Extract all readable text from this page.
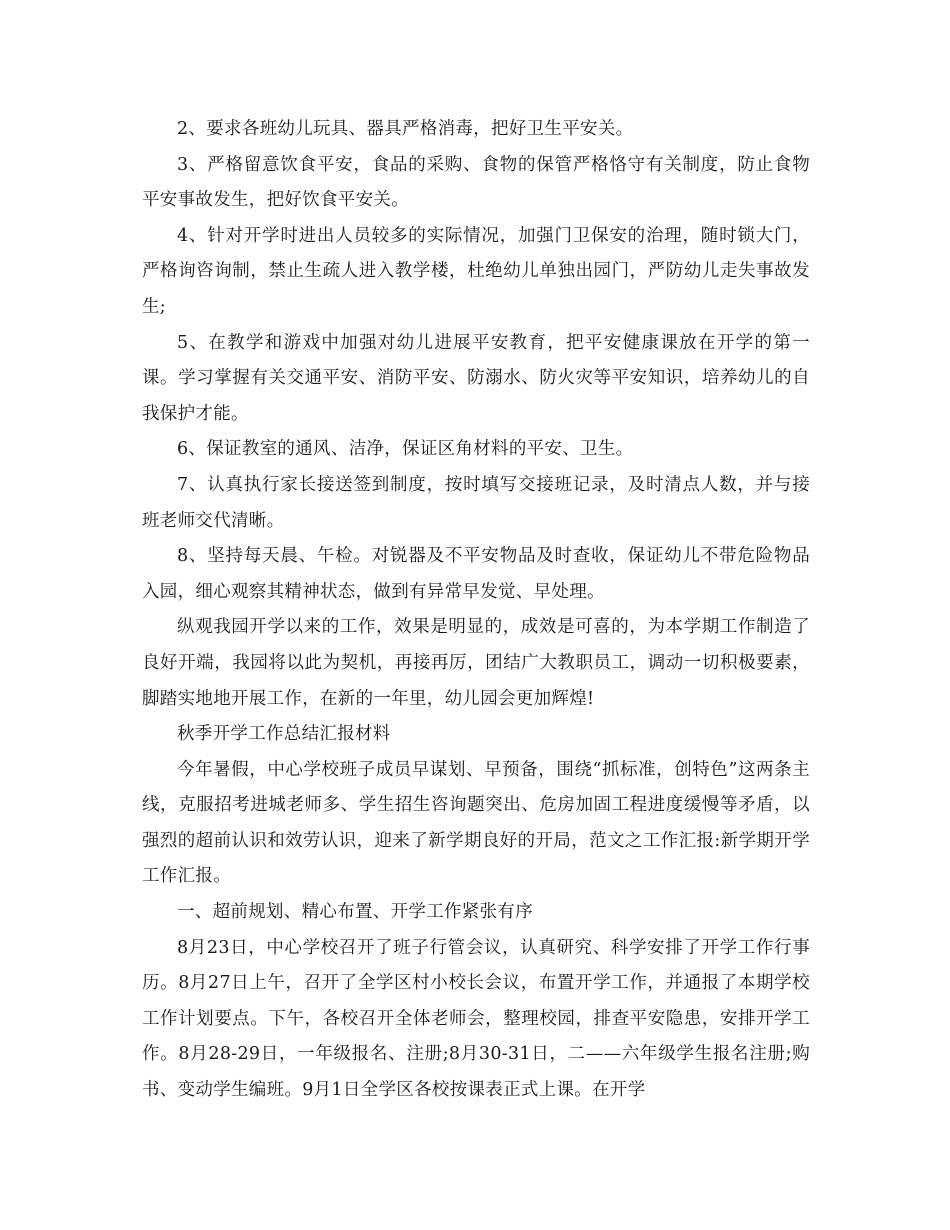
2、要求各班幼儿玩具、器具严格消毒，把好卫生平安关。

3、严格留意饮食平安，食品的采购、食物的保管严格恪守有关制度，防止食物平安事故发生，把好饮食平安关。

4、针对开学时进出人员较多的实际情况，加强门卫保安的治理，随时锁大门，严格询咨询制，禁止生疏人进入教学楼，杜绝幼儿单独出园门，严防幼儿走失事故发生;

5、在教学和游戏中加强对幼儿进展平安教育，把平安健康课放在开学的第一课。学习掌握有关交通平安、消防平安、防溺水、防火灾等平安知识，培养幼儿的自我保护才能。

6、保证教室的通风、洁净，保证区角材料的平安、卫生。

7、认真执行家长接送签到制度，按时填写交接班记录，及时清点人数，并与接班老师交代清晰。

8、坚持每天晨、午检。对锐器及不平安物品及时查收，保证幼儿不带危险物品入园，细心观察其精神状态，做到有异常早发觉、早处理。

纵观我园开学以来的工作，效果是明显的，成效是可喜的，为本学期工作制造了良好开端，我园将以此为契机，再接再厉，团结广大教职员工，调动一切积极要素，脚踏实地地开展工作，在新的一年里，幼儿园会更加辉煌!

秋季开学工作总结汇报材料

今年暑假，中心学校班子成员早谋划、早预备，围绕“抓标准，创特色”这两条主线，克服招考进城老师多、学生招生咨询题突出、危房加固工程进度缓慢等矛盾，以强烈的超前认识和效劳认识，迎来了新学期良好的开局，范文之工作汇报:新学期开学工作汇报。

一、超前规划、精心布置、开学工作紧张有序

8月23日，中心学校召开了班子行管会议，认真研究、科学安排了开学工作行事历。8月27日上午，召开了全学区村小校长会议，布置开学工作，并通报了本期学校工作计划要点。下午，各校召开全体老师会，整理校园，排查平安隐患，安排开学工作。8月28-29日，一年级报名、注册;8月30-31日，二——六年级学生报名注册;购书、变动学生编班。9月1日全学区各校按课表正式上课。在开学
